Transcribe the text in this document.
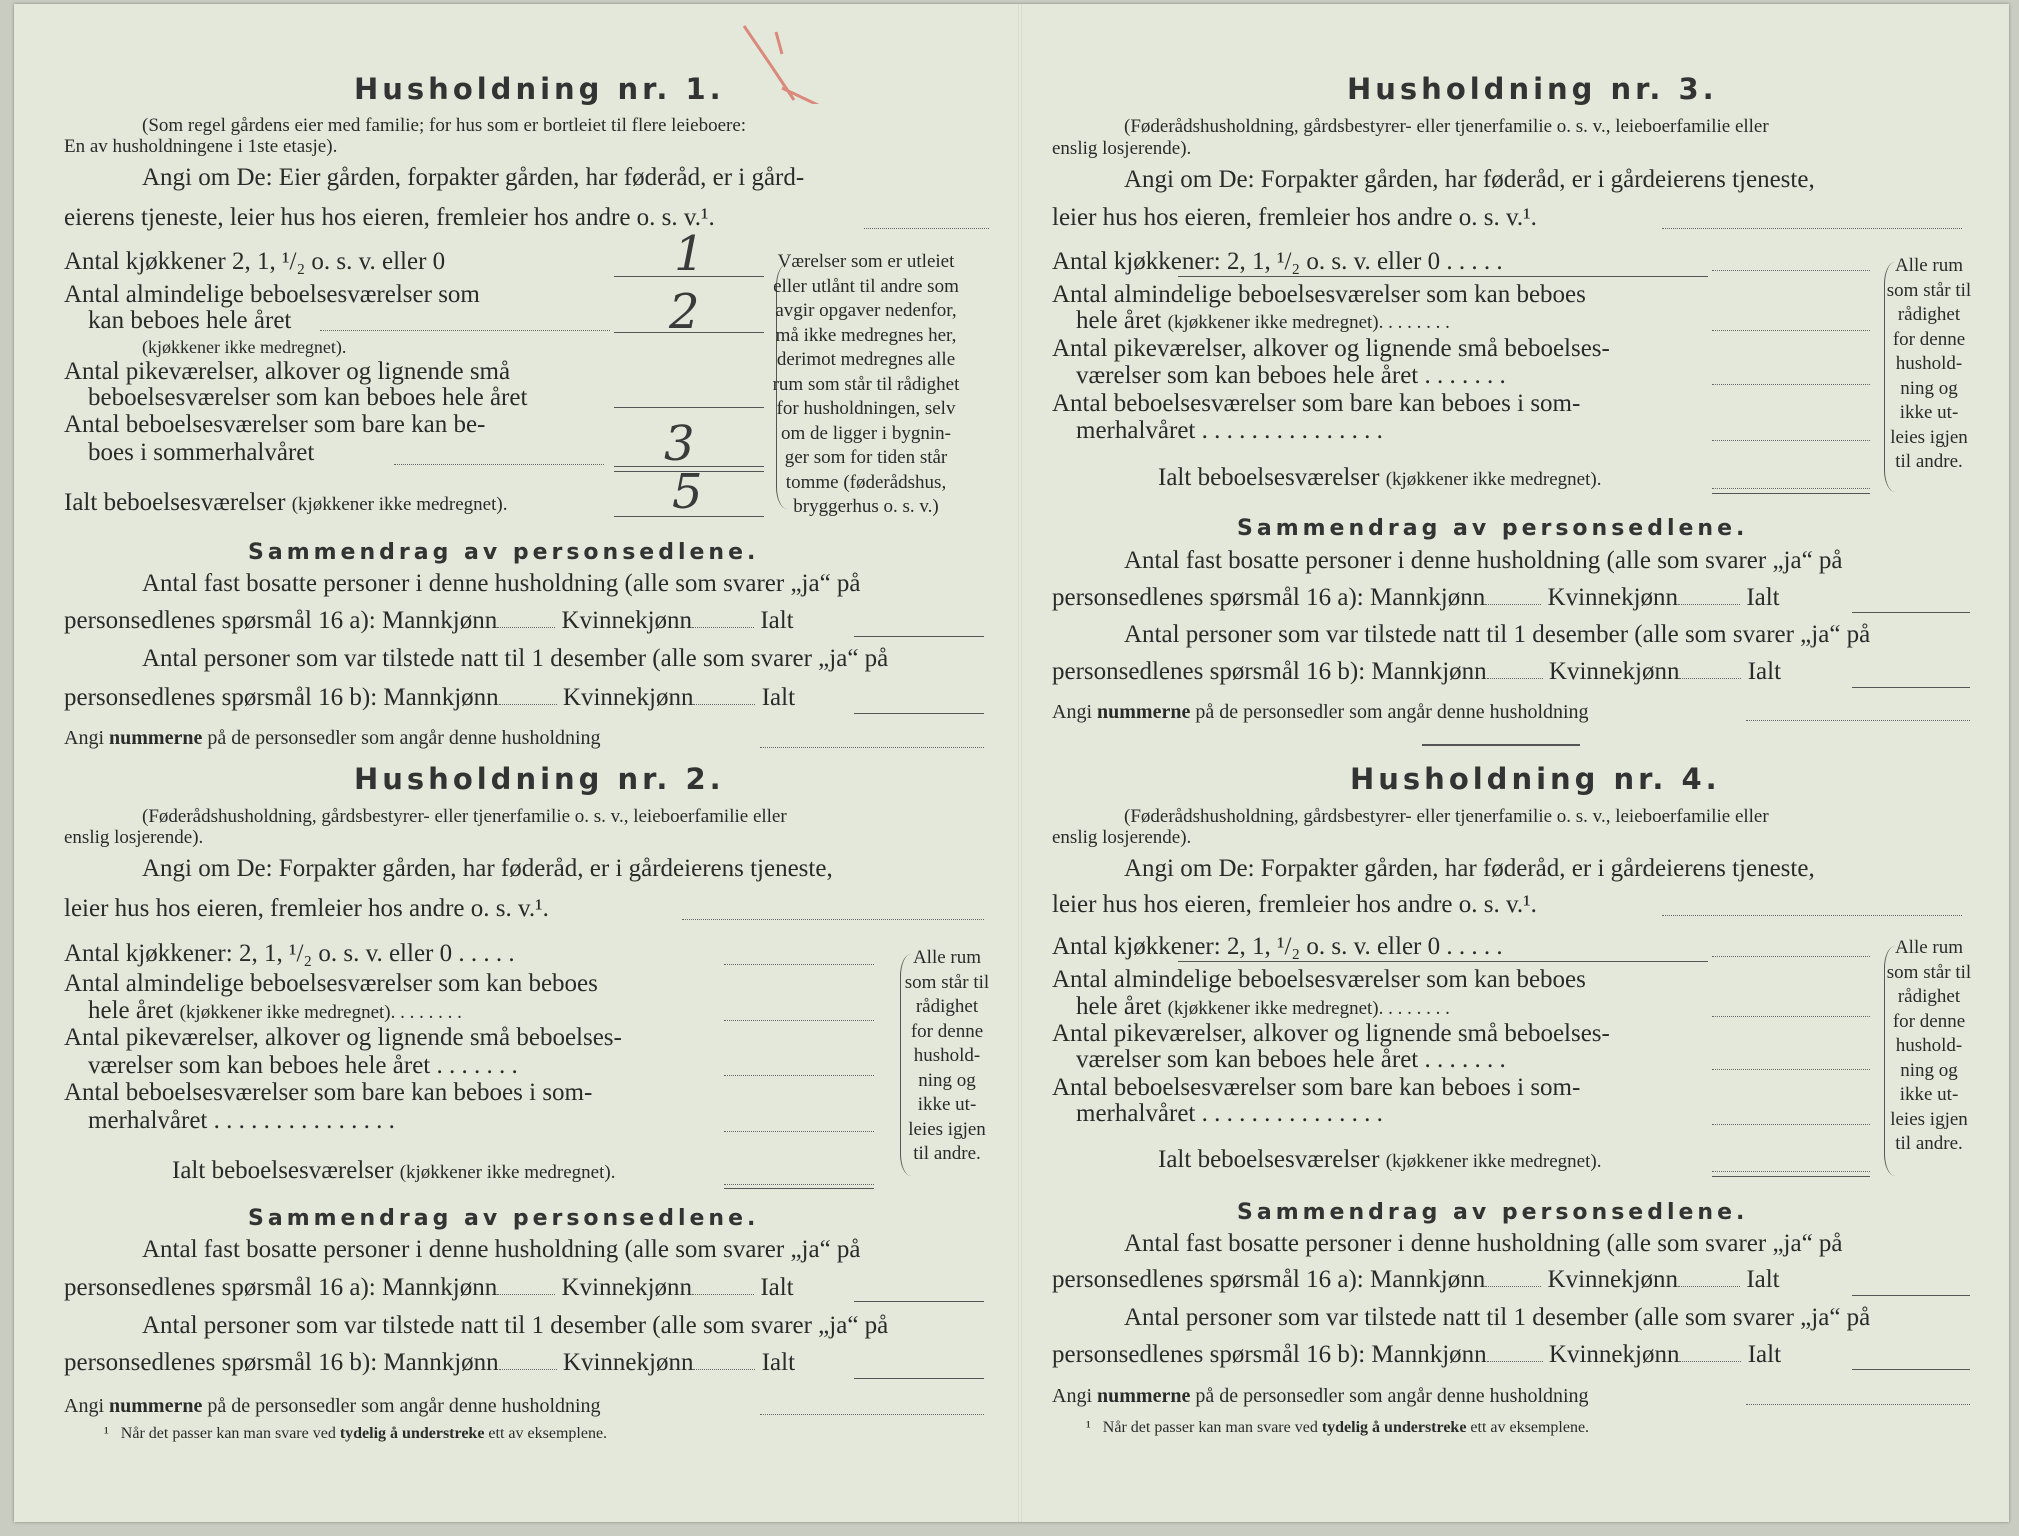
Husholdning nr. 1.
(Som regel gårdens eier med familie; for hus som er bortleiet til flere leieboere:
En av husholdningene i 1ste etasje).
Angi om De: Eier gården, forpakter gården, har føderåd, er i gård-
eierens tjeneste, leier hus hos eieren, fremleier hos andre o. s. v.¹.
Antal kjøkkener 2, 1, ¹/₂ o. s. v. eller 0	1
Antal almindelige beboelsesværelser som
kan beboes hele året
(kjøkkener ikke medregnet).
2
Antal pikeværelser, alkover og lignende små
beboelsesværelser som kan beboes hele året
Antal beboelsesværelser som bare kan be-
boes i sommerhalvåret	3
Ialt beboelsesværelser (kjøkkener ikke medregnet).	5
Værelser som er utleiet
eller utlånt til andre som
avgir opgaver nedenfor,
må ikke medregnes her,
derimot medregnes alle
rum som står til rådighet
for husholdningen, selv
om de ligger i bygnin-
ger som for tiden står
tomme (føderådshus,
bryggerhus o. s. v.)
Sammendrag av personsedlene.
Antal fast bosatte personer i denne husholdning (alle som svarer „ja“ på
personsedlenes spørsmål 16 a): Mannkjønn	Kvinnekjønn	Ialt
Antal personer som var tilstede natt til 1 desember (alle som svarer „ja“ på
personsedlenes spørsmål 16 b): Mannkjønn	Kvinnekjønn	Ialt
Angi nummerne på de personsedler som angår denne husholdning
Husholdning nr. 2.
(Føderådshusholdning, gårdsbestyrer- eller tjenerfamilie o. s. v., leieboerfamilie eller
enslig losjerende).
Angi om De: Forpakter gården, har føderåd, er i gårdeierens tjeneste,
leier hus hos eieren, fremleier hos andre o. s. v.¹.
Antal kjøkkener: 2, 1, ¹/₂ o. s. v. eller 0 . . . . .
Antal almindelige beboelsesværelser som kan beboes
hele året (kjøkkener ikke medregnet). . . . . . . .
Antal pikeværelser, alkover og lignende små beboelses-
værelser som kan beboes hele året . . . . . . .
Antal beboelsesværelser som bare kan beboes i som-
merhalvåret . . . . . . . . . . . . . . .
Ialt beboelsesværelser (kjøkkener ikke medregnet).
Alle rum
som står til
rådighet
for denne
hushold-
ning og
ikke ut-
leies igjen
til andre.
Sammendrag av personsedlene.
Antal fast bosatte personer i denne husholdning (alle som svarer „ja“ på
personsedlenes spørsmål 16 a): Mannkjønn	Kvinnekjønn	Ialt
Antal personer som var tilstede natt til 1 desember (alle som svarer „ja“ på
personsedlenes spørsmål 16 b): Mannkjønn	Kvinnekjønn	Ialt
Angi nummerne på de personsedler som angår denne husholdning
¹ Når det passer kan man svare ved tydelig å understreke ett av eksemplene.
Husholdning nr. 3.
(Føderådshusholdning, gårdsbestyrer- eller tjenerfamilie o. s. v., leieboerfamilie eller
enslig losjerende).
Angi om De: Forpakter gården, har føderåd, er i gårdeierens tjeneste,
leier hus hos eieren, fremleier hos andre o. s. v.¹.
Antal kjøkkener: 2, 1, ¹/₂ o. s. v. eller 0 . . . . .
Antal almindelige beboelsesværelser som kan beboes
hele året (kjøkkener ikke medregnet). . . . . . . .
Antal pikeværelser, alkover og lignende små beboelses-
værelser som kan beboes hele året . . . . . . .
Antal beboelsesværelser som bare kan beboes i som-
merhalvåret . . . . . . . . . . . . . . .
Ialt beboelsesværelser (kjøkkener ikke medregnet).
Alle rum
som står til
rådighet
for denne
hushold-
ning og
ikke ut-
leies igjen
til andre.
Sammendrag av personsedlene.
Antal fast bosatte personer i denne husholdning (alle som svarer „ja“ på
personsedlenes spørsmål 16 a): Mannkjønn Kvinnekjønn	Ialt
Antal personer som var tilstede natt til 1 desember (alle som svarer „ja“ på
personsedlenes spørsmål 16 b): Mannkjønn Kvinnekjønn	Ialt
Angi nummerne på de personsedler som angår denne husholdning
Husholdning nr. 4.
(Føderådshusholdning, gårdsbestyrer- eller tjenerfamilie o. s. v., leieboerfamilie eller
enslig losjerende).
Angi om De: Forpakter gården, har føderåd, er i gårdeierens tjeneste,
leier hus hos eieren, fremleier hos andre o. s. v.¹.
Antal kjøkkener: 2, 1, ¹/₂ o. s. v. eller 0 . . . . .
Antal almindelige beboelsesværelser som kan beboes
hele året (kjøkkener ikke medregnet). . . . . . . .
Antal pikeværelser, alkover og lignende små beboelses-
værelser som kan beboes hele året . . . . . . .
Antal beboelsesværelser som bare kan beboes i som-
merhalvåret . . . . . . . . . . . . . . .
Ialt beboelsesværelser (kjøkkener ikke medregnet).
Alle rum
som står til
rådighet
for denne
hushold-
ning og
ikke ut-
leies igjen
til andre.
Sammendrag av personsedlene.
Antal fast bosatte personer i denne husholdning (alle som svarer „ja“ på
personsedlenes spørsmål 16 a): Mannkjønn Kvinnekjønn	Ialt
Antal personer som var tilstede natt til 1 desember (alle som svarer „ja“ på
personsedlenes spørsmål 16 b): Mannkjønn Kvinnekjønn	Ialt
Angi nummerne på de personsedler som angår denne husholdning
¹ Når det passer kan man svare ved tydelig å understreke ett av eksemplene.
